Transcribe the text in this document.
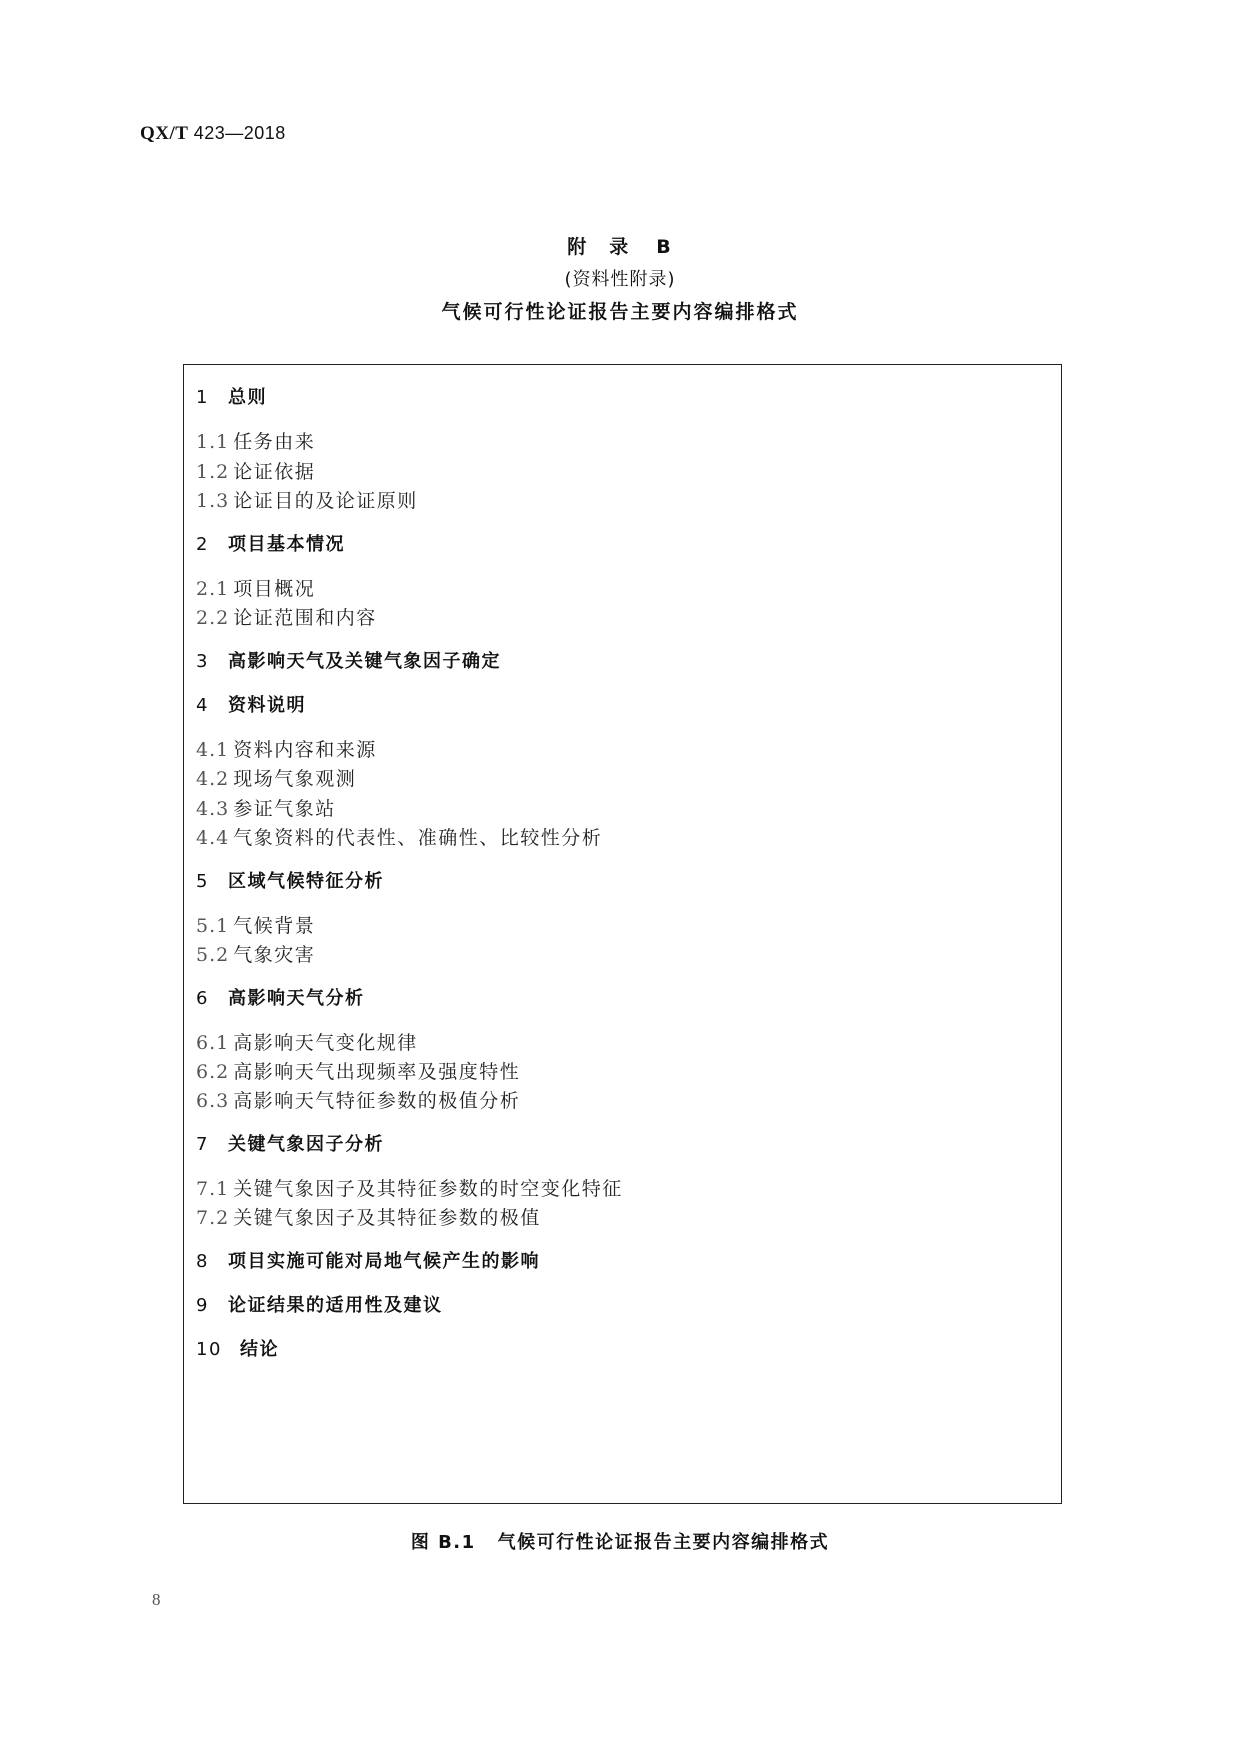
QX/T 423—2018
附　录 B
(资料性附录)
气候可行性论证报告主要内容编排格式
1 总则
1.1 任务由来
1.2 论证依据
1.3 论证目的及论证原则
2 项目基本情况
2.1 项目概况
2.2 论证范围和内容
3 高影响天气及关键气象因子确定
4 资料说明
4.1 资料内容和来源
4.2 现场气象观测
4.3 参证气象站
4.4 气象资料的代表性、准确性、比较性分析
5 区域气候特征分析
5.1 气候背景
5.2 气象灾害
6 高影响天气分析
6.1 高影响天气变化规律
6.2 高影响天气出现频率及强度特性
6.3 高影响天气特征参数的极值分析
7 关键气象因子分析
7.1 关键气象因子及其特征参数的时空变化特征
7.2 关键气象因子及其特征参数的极值
8 项目实施可能对局地气候产生的影响
9 论证结果的适用性及建议
10 结论
图 B.1 气候可行性论证报告主要内容编排格式
8
